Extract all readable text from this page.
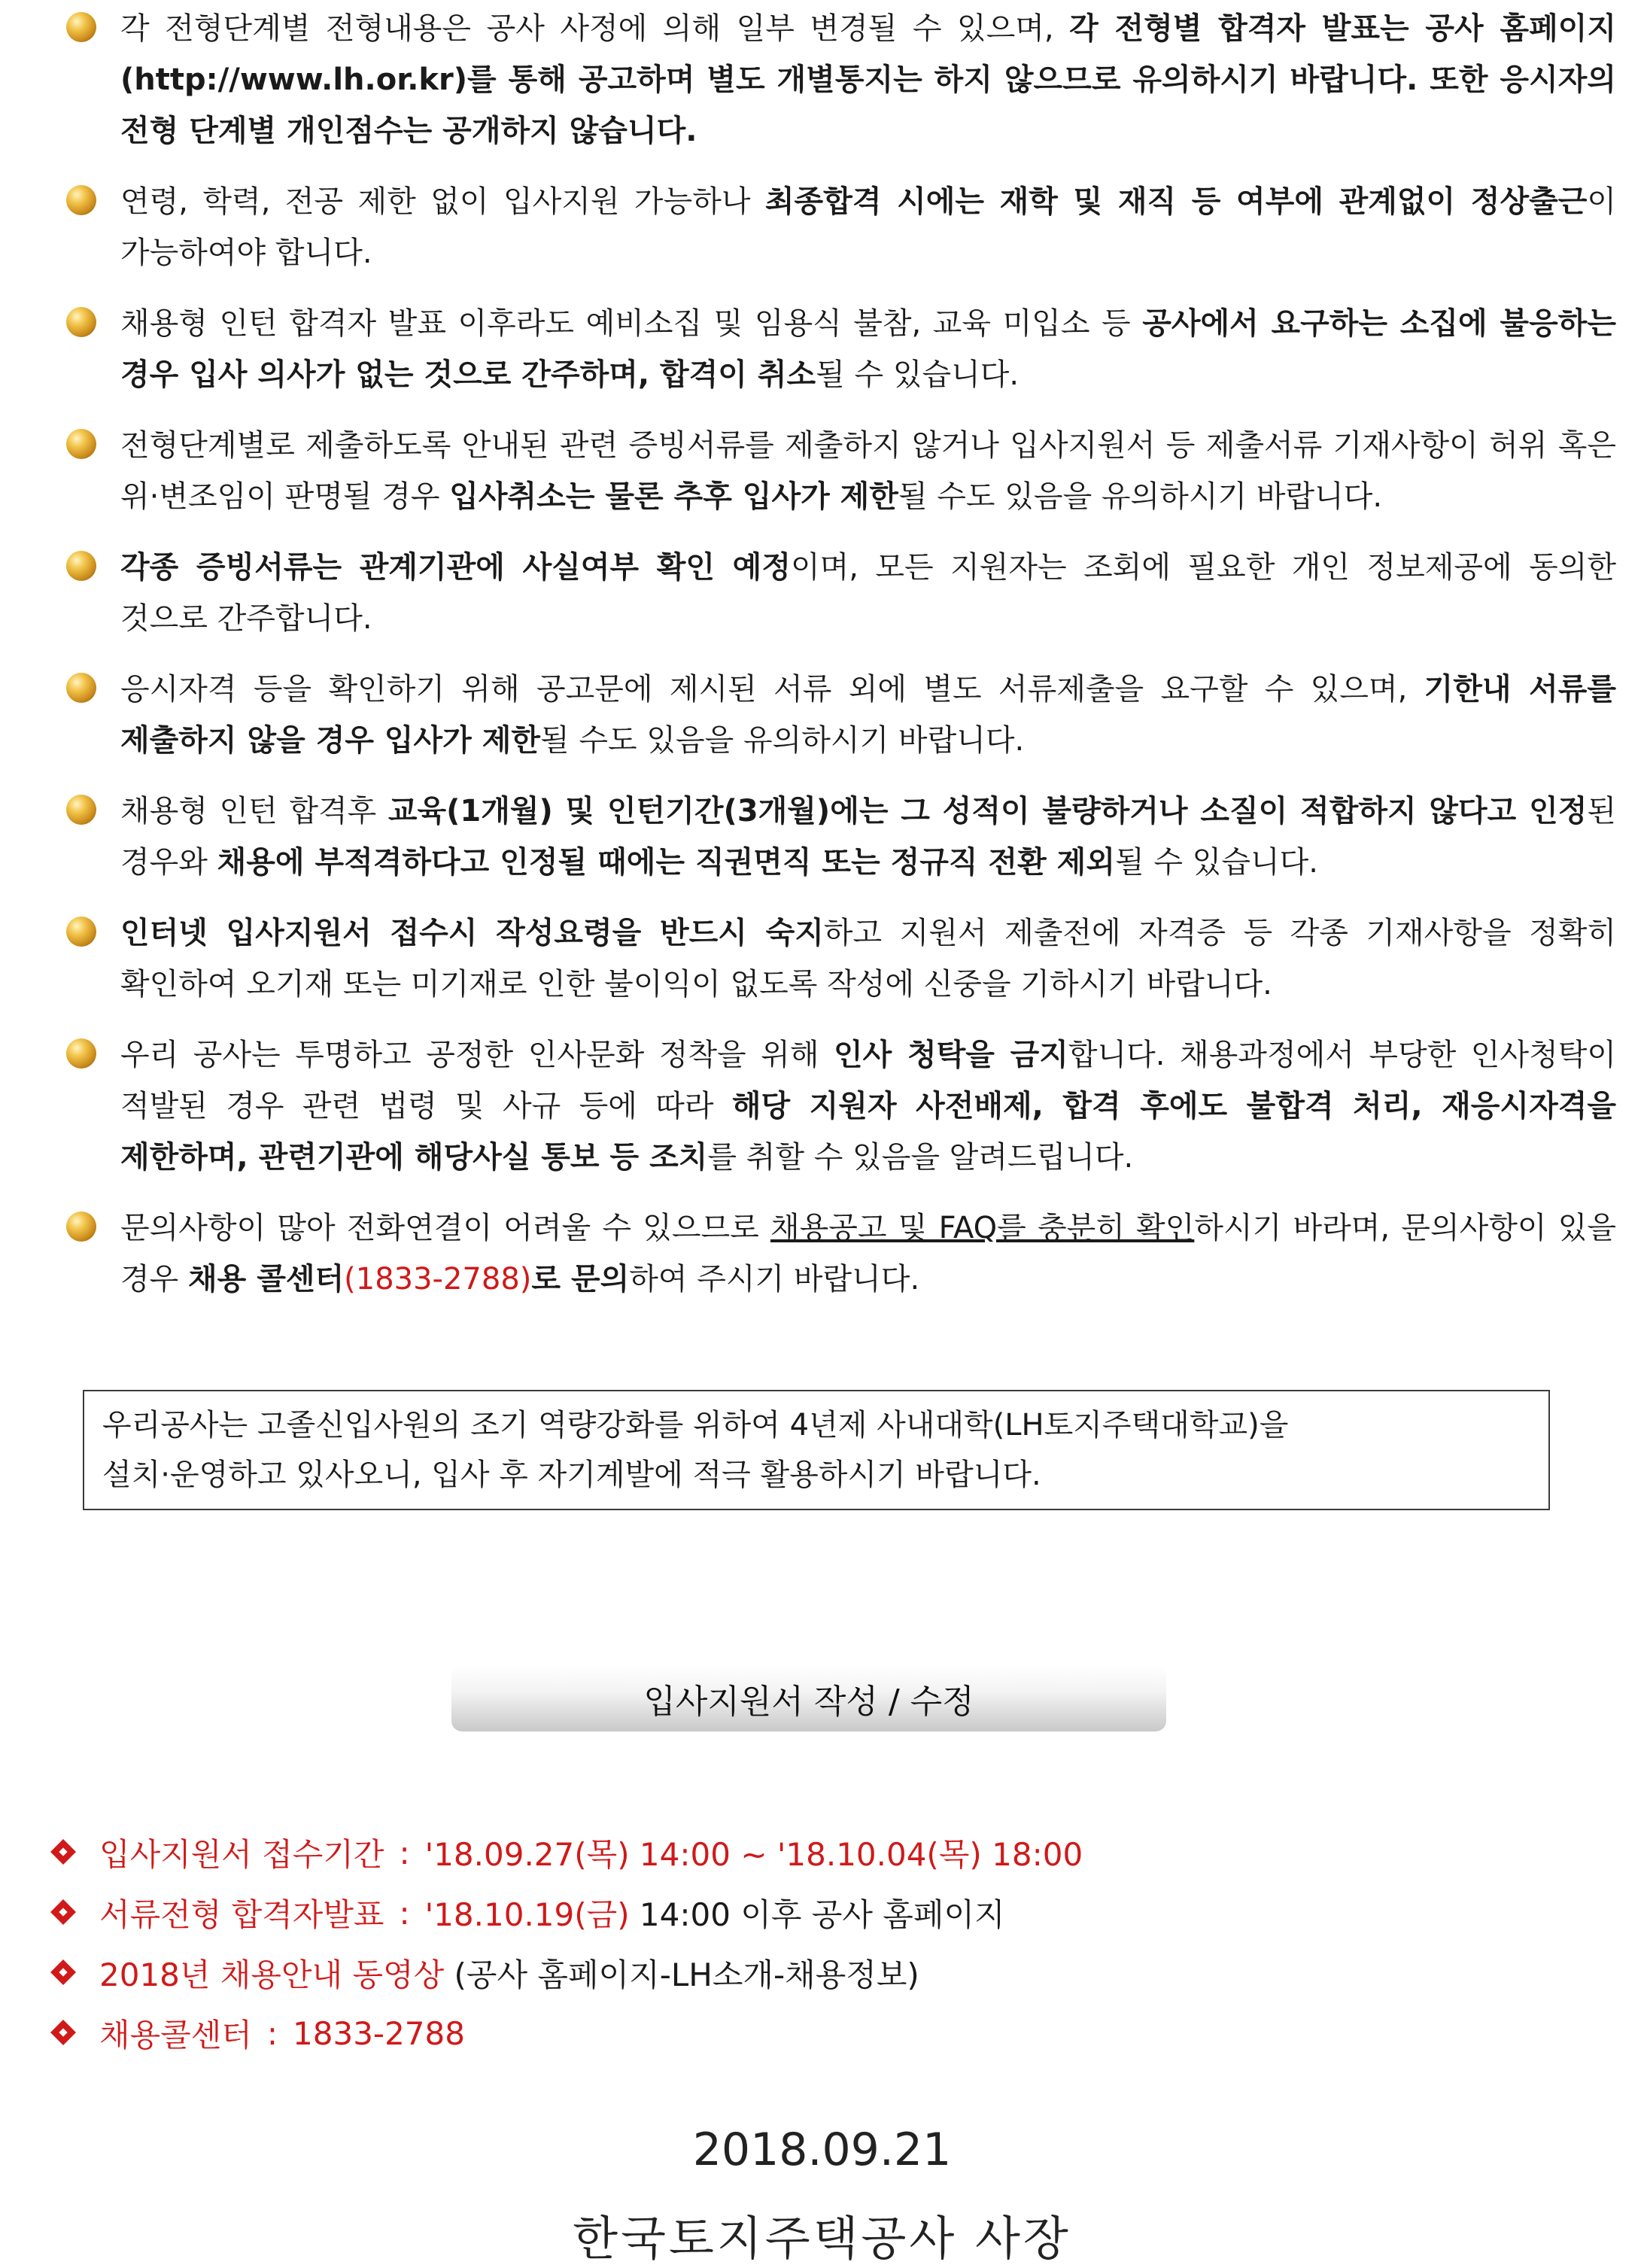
각 전형단계별 전형내용은 공사 사정에 의해 일부 변경될 수 있으며, 각 전형별 합격자 발표는 공사 홈페이지(http://www.lh.or.kr)를 통해 공고하며 별도 개별통지는 하지 않으므로 유의하시기 바랍니다. 또한 응시자의 전형 단계별 개인점수는 공개하지 않습니다.
연령, 학력, 전공 제한 없이 입사지원 가능하나 최종합격 시에는 재학 및 재직 등 여부에 관계없이 정상출근이 가능하여야 합니다.
채용형 인턴 합격자 발표 이후라도 예비소집 및 임용식 불참, 교육 미입소 등 공사에서 요구하는 소집에 불응하는 경우 입사 의사가 없는 것으로 간주하며, 합격이 취소될 수 있습니다.
전형단계별로 제출하도록 안내된 관련 증빙서류를 제출하지 않거나 입사지원서 등 제출서류 기재사항이 허위 혹은 위·변조임이 판명될 경우 입사취소는 물론 추후 입사가 제한될 수도 있음을 유의하시기 바랍니다.
각종 증빙서류는 관계기관에 사실여부 확인 예정이며, 모든 지원자는 조회에 필요한 개인 정보제공에 동의한 것으로 간주합니다.
응시자격 등을 확인하기 위해 공고문에 제시된 서류 외에 별도 서류제출을 요구할 수 있으며, 기한내 서류를 제출하지 않을 경우 입사가 제한될 수도 있음을 유의하시기 바랍니다.
채용형 인턴 합격후 교육(1개월) 및 인턴기간(3개월)에는 그 성적이 불량하거나 소질이 적합하지 않다고 인정된 경우와 채용에 부적격하다고 인정될 때에는 직권면직 또는 정규직 전환 제외될 수 있습니다.
인터넷 입사지원서 접수시 작성요령을 반드시 숙지하고 지원서 제출전에 자격증 등 각종 기재사항을 정확히 확인하여 오기재 또는 미기재로 인한 불이익이 없도록 작성에 신중을 기하시기 바랍니다.
우리 공사는 투명하고 공정한 인사문화 정착을 위해 인사 청탁을 금지합니다. 채용과정에서 부당한 인사청탁이 적발된 경우 관련 법령 및 사규 등에 따라 해당 지원자 사전배제, 합격 후에도 불합격 처리, 재응시자격을 제한하며, 관련기관에 해당사실 통보 등 조치를 취할 수 있음을 알려드립니다.
문의사항이 많아 전화연결이 어려울 수 있으므로 채용공고 및 FAQ를 충분히 확인하시기 바라며, 문의사항이 있을 경우 채용 콜센터(1833-2788)로 문의하여 주시기 바랍니다.
우리공사는 고졸신입사원의 조기 역량강화를 위하여 4년제 사내대학(LH토지주택대학교)을
설치·운영하고 있사오니, 입사 후 자기계발에 적극 활용하시기 바랍니다.
입사지원서 작성 / 수정
입사지원서 접수기간 : '18.09.27(목) 14:00 ~ '18.10.04(목) 18:00
서류전형 합격자발표 : '18.10.19(금) 14:00 이후 공사 홈페이지
2018년 채용안내 동영상 (공사 홈페이지-LH소개-채용정보)
채용콜센터 : 1833-2788
2018.09.21
한국토지주택공사 사장
